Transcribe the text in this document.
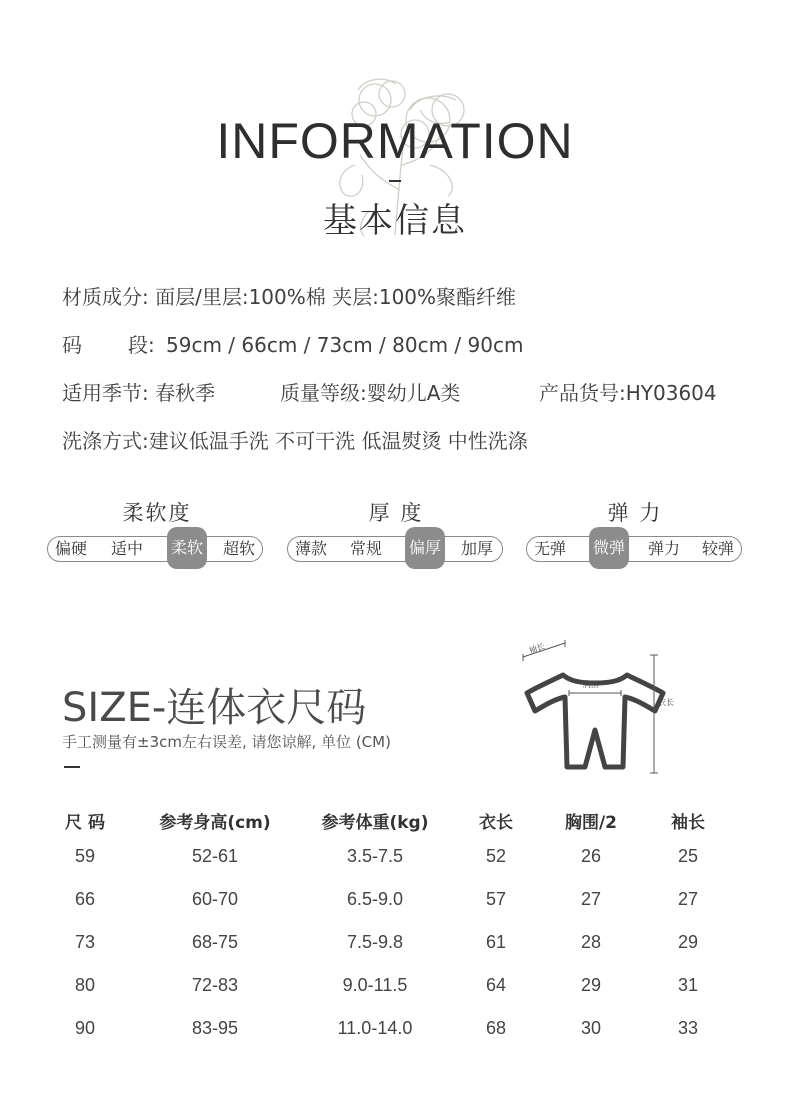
INFORMATION
基本信息
材质成分: 面层/里层:100%棉 夹层:100%聚酯纤维
码 段: 59cm / 66cm / 73cm / 80cm / 90cm
适用季节: 春秋季	质量等级:婴幼儿A类	产品货号:HY03604
洗涤方式:建议低温手洗 不可干洗 低温熨烫 中性洗涤
柔软度
偏硬	适中	柔软	超软
厚 度
薄款	常规	偏厚	加厚
弹 力
无弹	微弹	弹力	较弹
SIZE-连体衣尺码
手工测量有±3cm左右误差, 请您谅解, 单位 (CM)
袖长
胸围
衣长
尺 码	参考身高(cm)	参考体重(kg)	衣长	胸围/2	袖长
59	52-61	3.5-7.5	52	26	25
66	60-70	6.5-9.0	57	27	27
73	68-75	7.5-9.8	61	28	29
80	72-83	9.0-11.5	64	29	31
90	83-95	11.0-14.0	68	30	33
